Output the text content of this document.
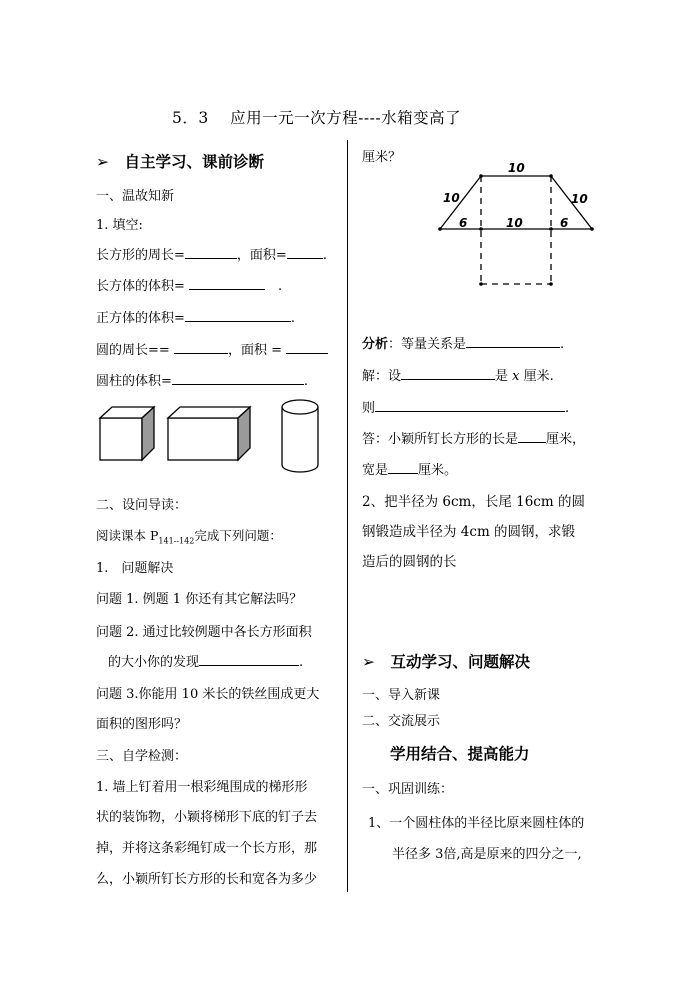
5．3　 应用一元一次方程----水箱变高了
➢　自主学习、课前诊断
一、温故知新
1. 填空:
长方形的周长=	，面积=	.
长方体的体积=	　.
正方体的体积=	.
圆的周长==	，面积 =
圆柱的体积=	.
二、设问导读：
阅读课本 $P_{141--142}$完成下列问题：
1.　问题解决
问题 1. 例题 1 你还有其它解法吗？
问题 2. 通过比较例题中各长方形面积
的大小你的发现	.
问题 3.你能用 10 米长的铁丝围成更大
面积的图形吗？
三、自学检测：
1. 墙上钉着用一根彩绳围成的梯形形
状的装饰物，小颖将梯形下底的钉子去
掉，并将这条彩绳钉成一个长方形，那
么，小颖所钉长方形的长和宽各为多少
厘米？
10
10	10
6	10	6
分析：等量关系是	.
解：设	是 x 厘米.
则	.
答：小颖所钉长方形的长是 厘米，
宽是 厘米。
2、把半径为 6cm，长尾 16cm 的圆
钢锻造成半径为 4cm 的圆钢，求锻
造后的圆钢的长
➢　互动学习、问题解决
一、导入新课
二、交流展示
学用结合、提高能力
一、巩固训练：
1、一个圆柱体的半径比原来圆柱体的
半径多 3倍,高是原来的四分之一,
